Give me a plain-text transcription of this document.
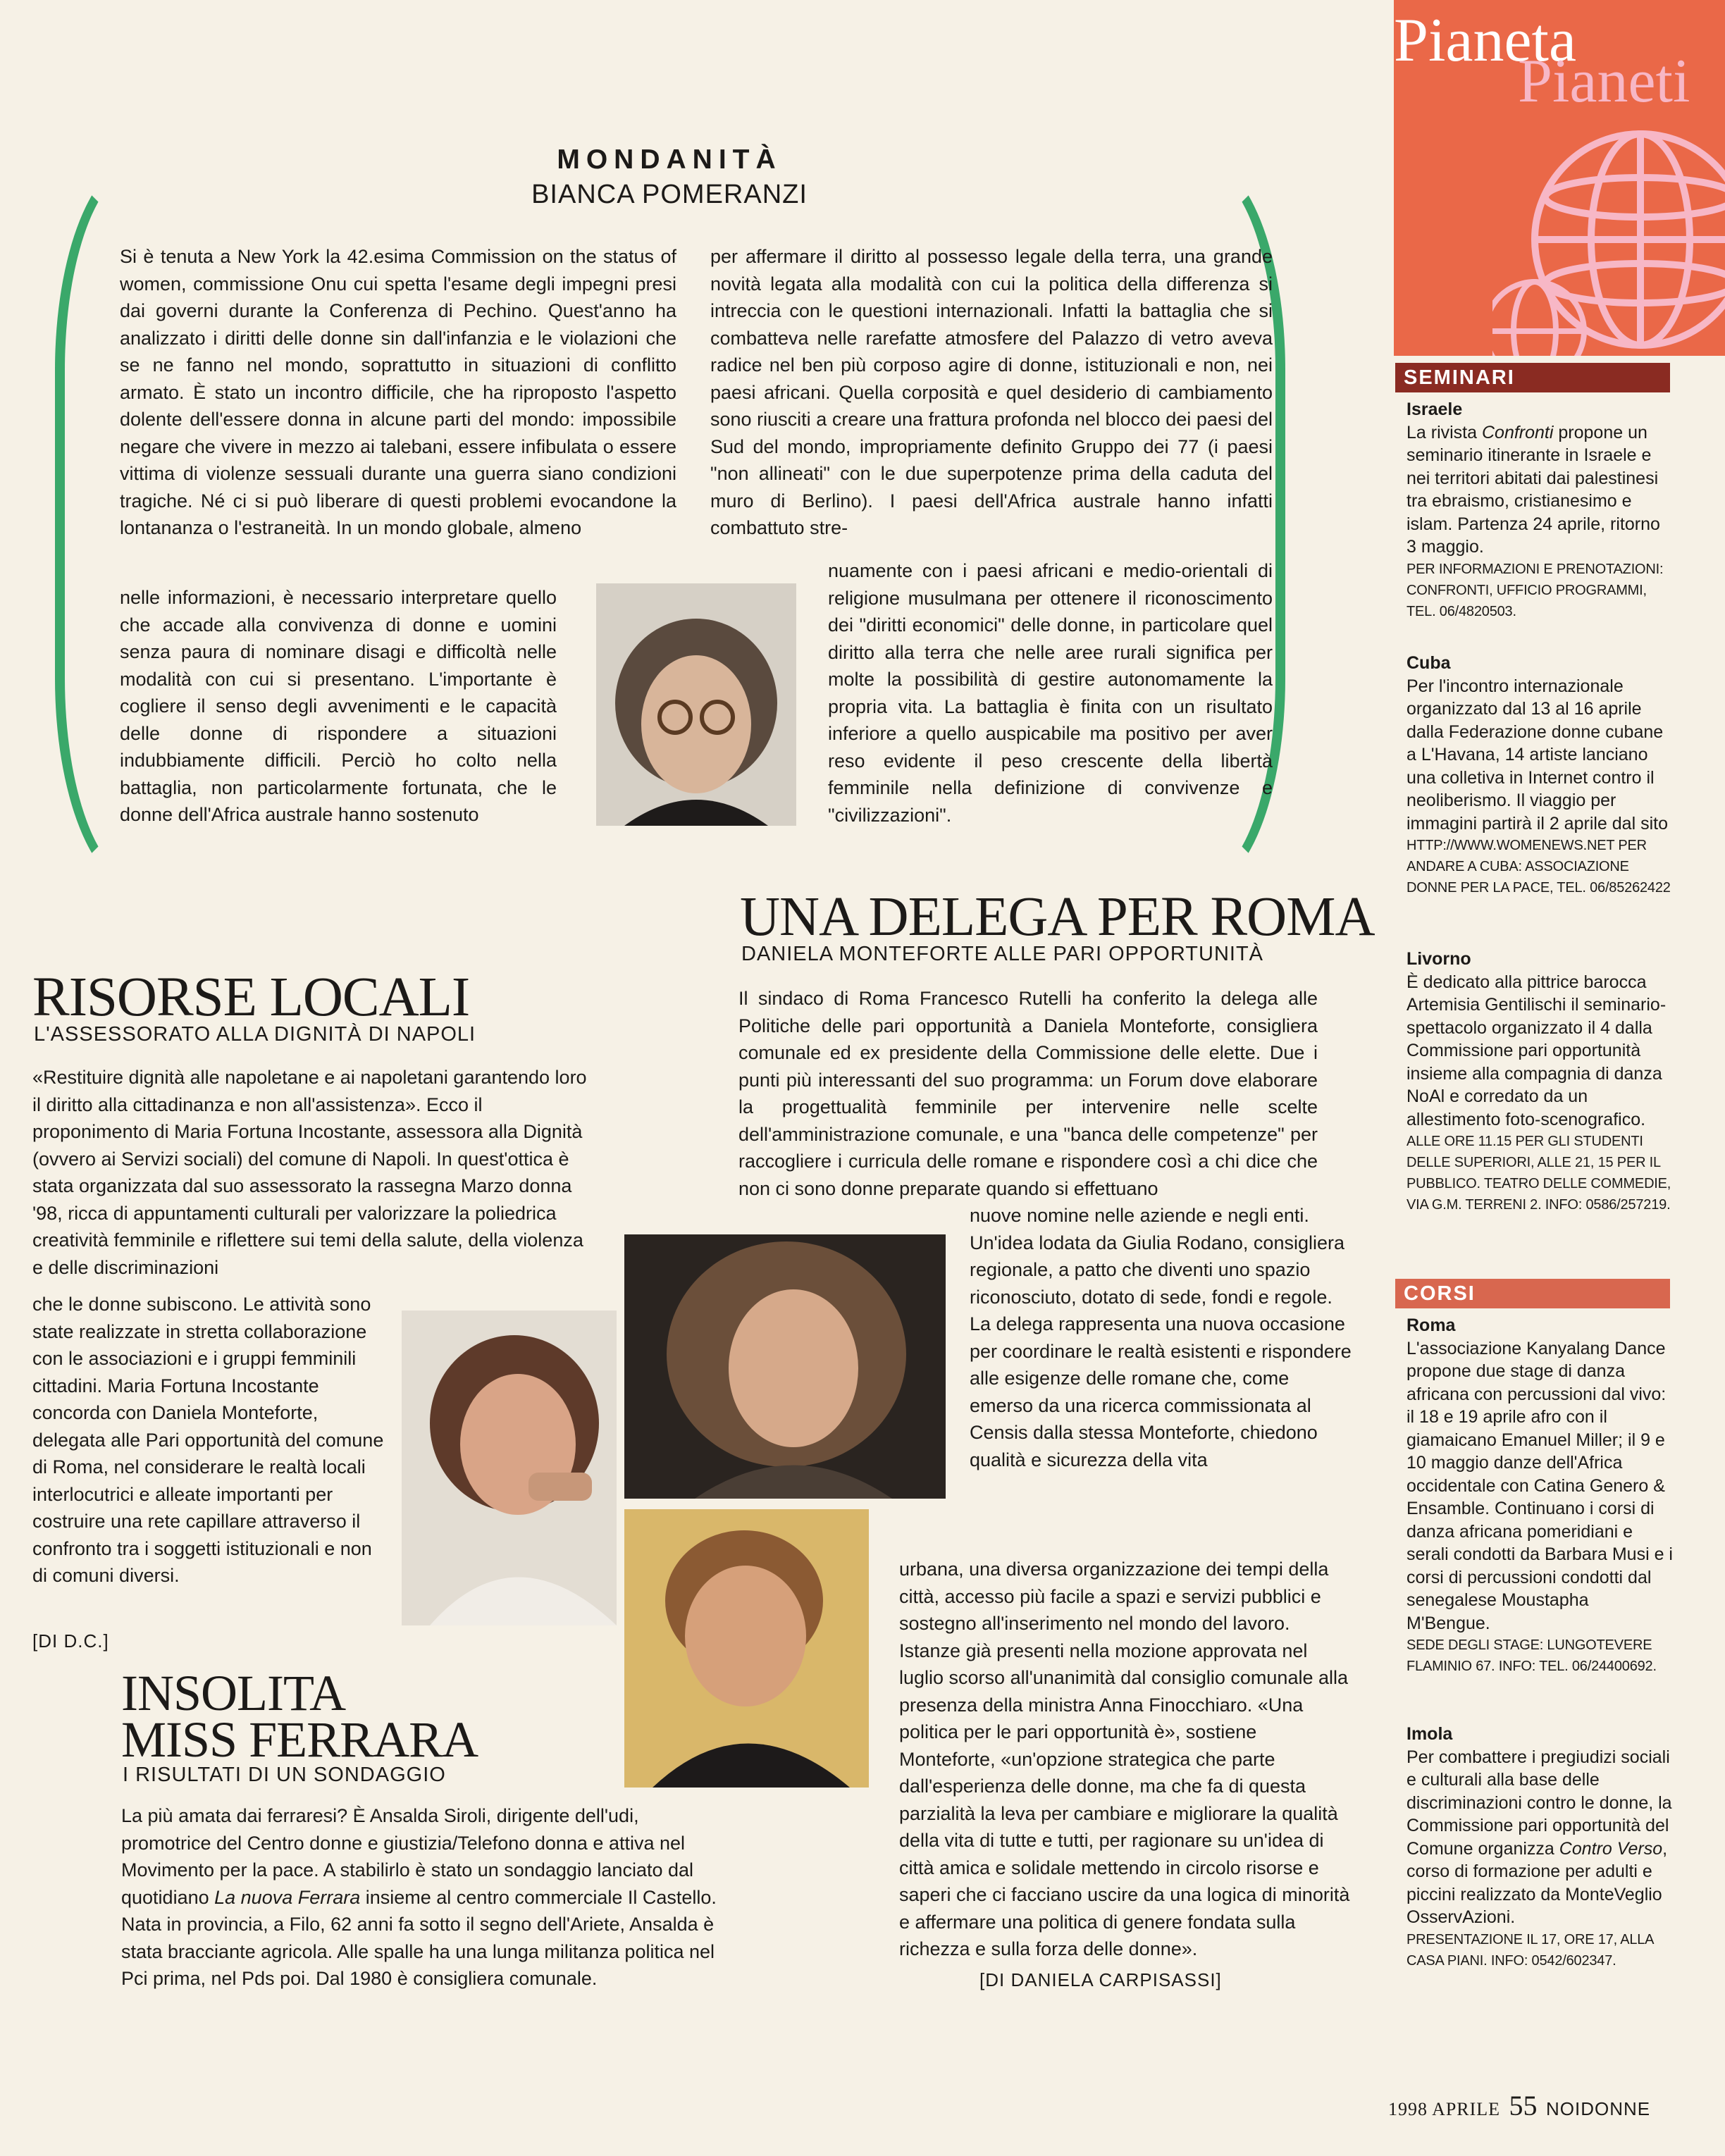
Pianeta
Pianeti
MONDANITÀ
BIANCA POMERANZI

Si è tenuta a New York la 42.esima Commission on the status of women, commissione Onu cui spetta l'esame degli impegni presi dai governi durante la Conferenza di Pechino. Quest'anno ha analizzato i diritti delle donne sin dall'infanzia e le violazioni che se ne fanno nel mondo, soprattutto in situazioni di conflitto armato. È stato un incontro difficile, che ha riproposto l'aspetto dolente dell'essere donna in alcune parti del mondo: impossibile negare che vivere in mezzo ai talebani, essere infibulata o essere vittima di violenze sessuali durante una guerra siano condizioni tragiche. Né ci si può liberare di questi problemi evocandone la lontananza o l'estraneità. In un mondo globale, almeno

nelle informazioni, è necessario interpretare quello che accade alla convivenza di donne e uomini senza paura di nominare disagi e difficoltà nelle modalità con cui si presentano. L'importante è cogliere il senso degli avvenimenti e le capacità delle donne di rispondere a situazioni indubbiamente difficili. Perciò ho colto nella battaglia, non particolarmente fortunata, che le donne dell'Africa australe hanno sostenuto

per affermare il diritto al possesso legale della terra, una grande novità legata alla modalità con cui la politica della differenza si intreccia con le questioni internazionali. Infatti la battaglia che si combatteva nelle rarefatte atmosfere del Palazzo di vetro aveva radice nel ben più corposo agire di donne, istituzionali e non, nei paesi africani. Quella corposità e quel desiderio di cambiamento sono riusciti a creare una frattura profonda nel blocco dei paesi del Sud del mondo, impropriamente definito Gruppo dei 77 (i paesi "non allineati" con le due superpotenze prima della caduta del muro di Berlino). I paesi dell'Africa australe hanno infatti combattuto stre-

nuamente con i paesi africani e medio-orientali di religione musulmana per ottenere il riconoscimento dei "diritti economici" delle donne, in particolare quel diritto alla terra che nelle aree rurali significa per molte la possibilità di gestire autonomamente la propria vita. La battaglia è finita con un risultato inferiore a quello auspicabile ma positivo per aver reso evidente il peso crescente della libertà femminile nella definizione di convivenze e "civilizzazioni".

UNA DELEGA PER ROMA
DANIELA MONTEFORTE ALLE PARI OPPORTUNITÀ

Il sindaco di Roma Francesco Rutelli ha conferito la delega alle Politiche delle pari opportunità a Daniela Monteforte, consigliera comunale ed ex presidente della Commissione delle elette. Due i punti più interessanti del suo programma: un Forum dove elaborare la progettualità femminile per intervenire nelle scelte dell'amministrazione comunale, e una "banca delle competenze" per raccogliere i curricula delle romane e rispondere così a chi dice che non ci sono donne preparate quando si effettuano

nuove nomine nelle aziende e negli enti. Un'idea lodata da Giulia Rodano, consigliera regionale, a patto che diventi uno spazio riconosciuto, dotato di sede, fondi e regole. La delega rappresenta una nuova occasione per coordinare le realtà esistenti e rispondere alle esigenze delle romane che, come emerso da una ricerca commissionata al Censis dalla stessa Monteforte, chiedono qualità e sicurezza della vita

urbana, una diversa organizzazione dei tempi della città, accesso più facile a spazi e servizi pubblici e sostegno all'inserimento nel mondo del lavoro. Istanze già presenti nella mozione approvata nel luglio scorso all'unanimità dal consiglio comunale alla presenza della ministra Anna Finocchiaro. «Una politica per le pari opportunità è», sostiene Monteforte, «un'opzione strategica che parte dall'esperienza delle donne, ma che fa di questa parzialità la leva per cambiare e migliorare la qualità della vita di tutte e tutti, per ragionare su un'idea di città amica e solidale mettendo in circolo risorse e saperi che ci facciano uscire da una logica di minorità e affermare una politica di genere fondata sulla richezza e sulla forza delle donne».

[DI DANIELA CARPISASSI]
RISORSE LOCALI
L'ASSESSORATO ALLA DIGNITÀ DI NAPOLI

«Restituire dignità alle napoletane e ai napoletani garantendo loro il diritto alla cittadinanza e non all'assistenza». Ecco il proponimento di Maria Fortuna Incostante, assessora alla Dignità (ovvero ai Servizi sociali) del comune di Napoli. In quest'ottica è stata organizzata dal suo assessorato la rassegna Marzo donna '98, ricca di appuntamenti culturali per valorizzare la poliedrica creatività femminile e riflettere sui temi della salute, della violenza e delle discriminazioni

che le donne subiscono. Le attività sono state realizzate in stretta collaborazione con le associazioni e i gruppi femminili cittadini. Maria Fortuna Incostante concorda con Daniela Monteforte, delegata alle Pari opportunità del comune di Roma, nel considerare le realtà locali interlocutrici e alleate importanti per costruire una rete capillare attraverso il confronto tra i soggetti istituzionali e non di comuni diversi.

[DI D.C.]
INSOLITA
MISS FERRARA
I RISULTATI DI UN SONDAGGIO

La più amata dai ferraresi? È Ansalda Siroli, dirigente dell'udi, promotrice del Centro donne e giustizia/Telefono donna e attiva nel Movimento per la pace. A stabilirlo è stato un sondaggio lanciato dal quotidiano La nuova Ferrara insieme al centro commerciale Il Castello. Nata in provincia, a Filo, 62 anni fa sotto il segno dell'Ariete, Ansalda è stata bracciante agricola. Alle spalle ha una lunga militanza politica nel Pci prima, nel Pds poi. Dal 1980 è consigliera comunale.

SEMINARI
Israele
La rivista Confronti propone un seminario itinerante in Israele e nei territori abitati dai palestinesi tra ebraismo, cristianesimo e islam. Partenza 24 aprile, ritorno 3 maggio.
PER INFORMAZIONI E PRENOTAZIONI: CONFRONTI, UFFICIO PROGRAMMI, TEL. 06/4820503.
Cuba
Per l'incontro internazionale organizzato dal 13 al 16 aprile dalla Federazione donne cubane a L'Havana, 14 artiste lanciano una colletiva in Internet contro il neoliberismo. Il viaggio per immagini partirà il 2 aprile dal sito
HTTP://WWW.WOMENEWS.NET PER ANDARE A CUBA: ASSOCIAZIONE DONNE PER LA PACE, TEL. 06/85262422
Livorno
È dedicato alla pittrice barocca Artemisia Gentilischi il seminario-spettacolo organizzato il 4 dalla Commissione pari opportunità insieme alla compagnia di danza NoAl e corredato da un allestimento foto-scenografico.
ALLE ORE 11.15 PER GLI STUDENTI DELLE SUPERIORI, ALLE 21, 15 PER IL PUBBLICO. TEATRO DELLE COMMEDIE, VIA G.M. TERRENI 2. INFO: 0586/257219.
CORSI
Roma
L'associazione Kanyalang Dance propone due stage di danza africana con percussioni dal vivo: il 18 e 19 aprile afro con il giamaicano Emanuel Miller; il 9 e 10 maggio danze dell'Africa occidentale con Catina Genero & Ensamble. Continuano i corsi di danza africana pomeridiani e serali condotti da Barbara Musi e i corsi di percussioni condotti dal senegalese Moustapha M'Bengue.
SEDE DEGLI STAGE: LUNGOTEVERE FLAMINIO 67. INFO: TEL. 06/24400692.
Imola
Per combattere i pregiudizi sociali e culturali alla base delle discriminazioni contro le donne, la Commissione pari opportunità del Comune organizza Contro Verso, corso di formazione per adulti e piccini realizzato da MonteVeglio OsservAzioni.
PRESENTAZIONE IL 17, ORE 17, ALLA CASA PIANI. INFO: 0542/602347.
1998 APRILE 55 NOIDONNE
